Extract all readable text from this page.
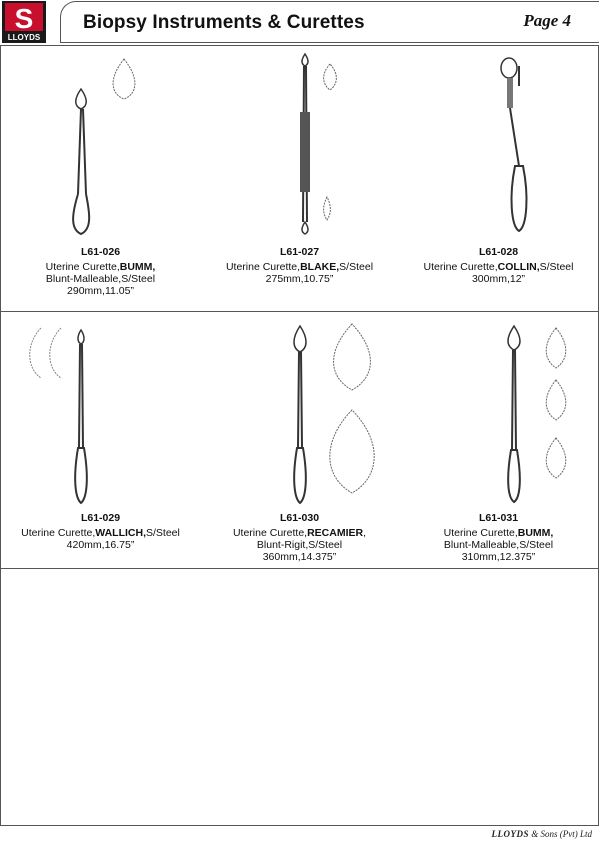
S
LLOYDS
Biopsy Instruments & Curettes	Page 4
L61-026
Uterine Curette,BUMM,
Blunt-Malleable,S/Steel
290mm,11.05”
L61-027
Uterine Curette,BLAKE,S/Steel
275mm,10.75”

L61-028
Uterine Curette,COLLIN,S/Steel
300mm,12”

L61-029
Uterine Curette,WALLICH,S/Steel
420mm,16.75”

L61-030
Uterine Curette,RECAMIER,
Blunt-Rigit,S/Steel
360mm,14.375”
L61-031
Uterine Curette,BUMM,
Blunt-Malleable,S/Steel
310mm,12.375”
LLOYDS & Sons (Pvt) Ltd
